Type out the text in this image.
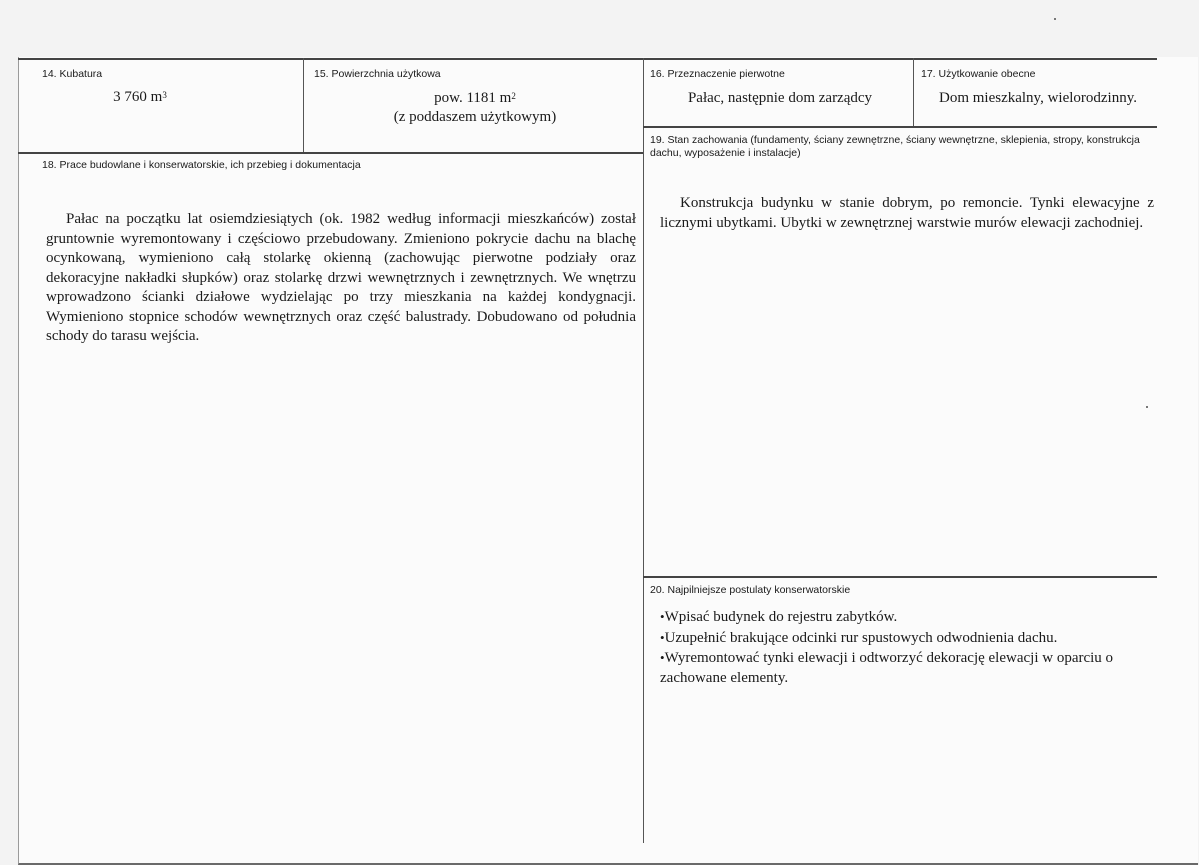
14. Kubatura
3 760 $m^3$
15. Powierzchnia użytkowa
pow. 1181 $m^2$
(z poddaszem użytkowym)
16. Przeznaczenie pierwotne
Pałac, następnie dom zarządcy
17. Użytkowanie obecne
Dom mieszkalny, wielorodzinny.
19. Stan zachowania (fundamenty, ściany zewnętrzne, ściany wewnętrzne, sklepienia, stropy, konstrukcja dachu, wyposażenie i instalacje)
Konstrukcja budynku w stanie dobrym, po remoncie. Tynki elewacyjne z licznymi ubytkami. Ubytki w zewnętrznej warstwie murów elewacji zachodniej.
18. Prace budowlane i konserwatorskie, ich przebieg i dokumentacja
Pałac na początku lat osiemdziesiątych (ok. 1982 według informacji mieszkańców) został gruntownie wyremontowany i częściowo przebudowany. Zmieniono pokrycie dachu na blachę ocynkowaną, wymieniono całą stolarkę okienną (zachowując pierwotne podziały oraz dekoracyjne nakładki słupków) oraz stolarkę drzwi wewnętrznych i zewnętrznych. We wnętrzu wprowadzono ścianki działowe wydzielając po trzy mieszkania na każdej kondygnacji. Wymieniono stopnice schodów wewnętrznych oraz część balustrady. Dobudowano od południa schody do tarasu wejścia.
20. Najpilniejsze postulaty konserwatorskie
• Wpisać budynek do rejestru zabytków.
• Uzupełnić brakujące odcinki rur spustowych odwodnienia dachu.
• Wyremontować tynki elewacji i odtworzyć dekorację elewacji w oparciu o zachowane elementy.
